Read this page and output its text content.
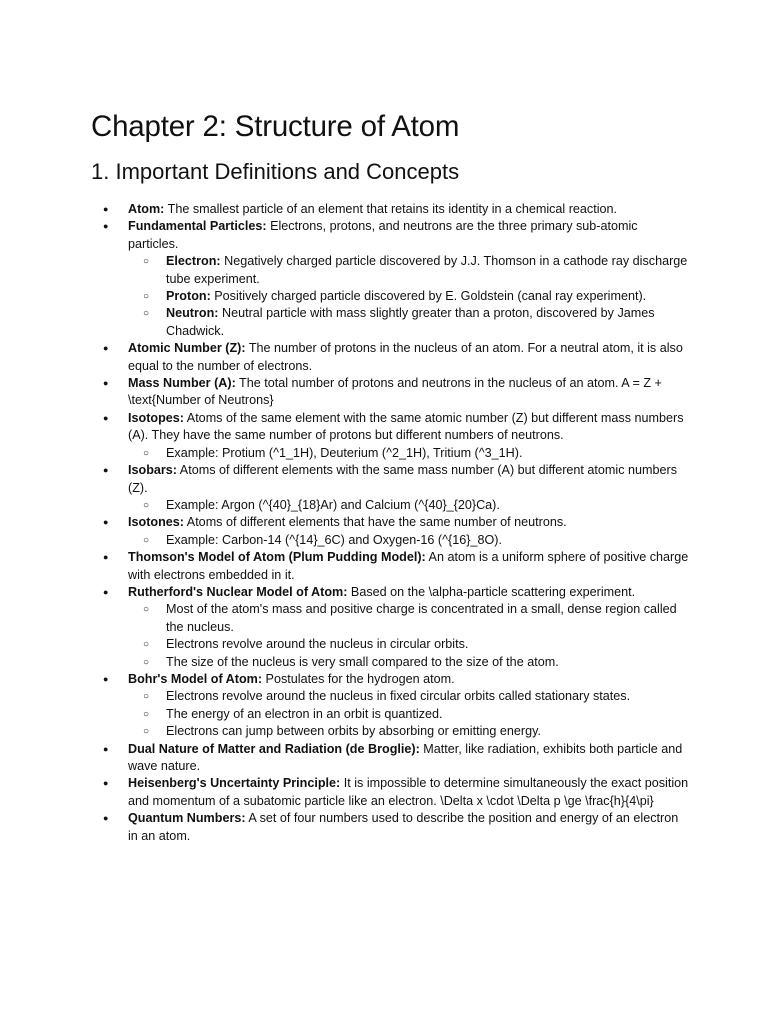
Chapter 2: Structure of Atom
1. Important Definitions and Concepts
● Atom: The smallest particle of an element that retains its identity in a chemical reaction.
● Fundamental Particles: Electrons, protons, and neutrons are the three primary sub-atomic particles.
○ Electron: Negatively charged particle discovered by J.J. Thomson in a cathode ray discharge tube experiment.
○ Proton: Positively charged particle discovered by E. Goldstein (canal ray experiment).
○ Neutron: Neutral particle with mass slightly greater than a proton, discovered by James Chadwick.
● Atomic Number (Z): The number of protons in the nucleus of an atom. For a neutral atom, it is also equal to the number of electrons.
● Mass Number (A): The total number of protons and neutrons in the nucleus of an atom. A = Z + \text{Number of Neutrons}
● Isotopes: Atoms of the same element with the same atomic number (Z) but different mass numbers (A). They have the same number of protons but different numbers of neutrons.
○ Example: Protium (^1_1H), Deuterium (^2_1H), Tritium (^3_1H).
● Isobars: Atoms of different elements with the same mass number (A) but different atomic numbers (Z).
○ Example: Argon (^{40}_{18}Ar) and Calcium (^{40}_{20}Ca).
● Isotones: Atoms of different elements that have the same number of neutrons.
○ Example: Carbon-14 (^{14}_6C) and Oxygen-16 (^{16}_8O).
● Thomson's Model of Atom (Plum Pudding Model): An atom is a uniform sphere of positive charge with electrons embedded in it.
● Rutherford's Nuclear Model of Atom: Based on the \alpha-particle scattering experiment.
○ Most of the atom's mass and positive charge is concentrated in a small, dense region called the nucleus.
○ Electrons revolve around the nucleus in circular orbits.
○ The size of the nucleus is very small compared to the size of the atom.
● Bohr's Model of Atom: Postulates for the hydrogen atom.
○ Electrons revolve around the nucleus in fixed circular orbits called stationary states.
○ The energy of an electron in an orbit is quantized.
○ Electrons can jump between orbits by absorbing or emitting energy.
● Dual Nature of Matter and Radiation (de Broglie): Matter, like radiation, exhibits both particle and wave nature.
● Heisenberg's Uncertainty Principle: It is impossible to determine simultaneously the exact position and momentum of a subatomic particle like an electron. \Delta x \cdot \Delta p \ge \frac{h}{4\pi}
● Quantum Numbers: A set of four numbers used to describe the position and energy of an electron in an atom.
